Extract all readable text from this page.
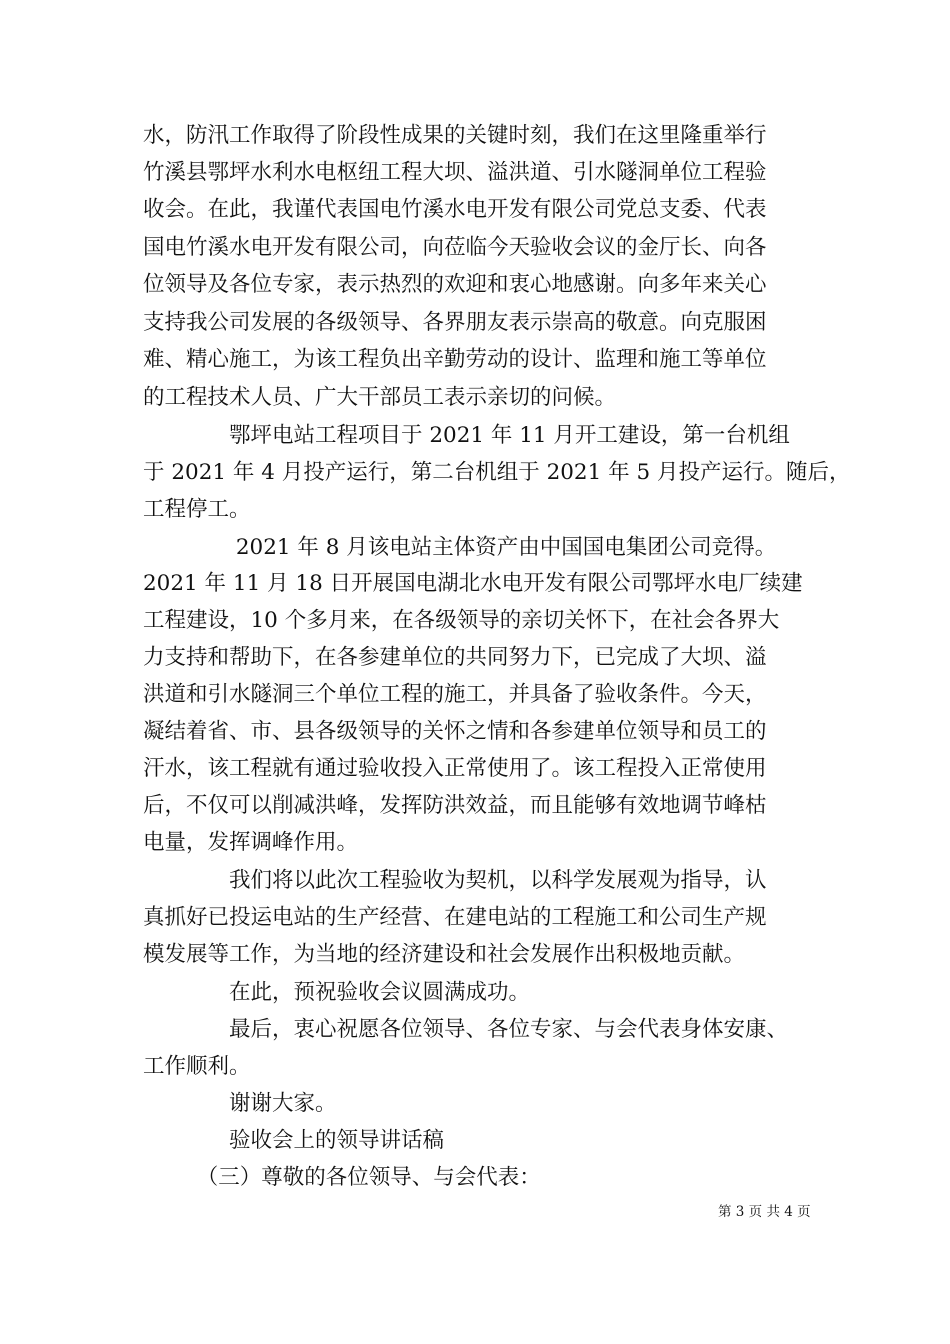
水，防汛工作取得了阶段性成果的关键时刻，我们在这里隆重举行
竹溪县鄂坪水利水电枢纽工程大坝、溢洪道、引水隧洞单位工程验
收会。在此，我谨代表国电竹溪水电开发有限公司党总支委、代表
国电竹溪水电开发有限公司，向莅临今天验收会议的金厅长、向各
位领导及各位专家，表示热烈的欢迎和衷心地感谢。向多年来关心
支持我公司发展的各级领导、各界朋友表示崇高的敬意。向克服困
难、精心施工，为该工程负出辛勤劳动的设计、监理和施工等单位
的工程技术人员、广大干部员工表示亲切的问候。
　　　　鄂坪电站工程项目于 2021 年 11 月开工建设，第一台机组
于 2021 年 4 月投产运行，第二台机组于 2021 年 5 月投产运行。随后，
工程停工。
　　　　 2021 年 8 月该电站主体资产由中国国电集团公司竞得。
2021 年 11 月 18 日开展国电湖北水电开发有限公司鄂坪水电厂续建
工程建设，10 个多月来，在各级领导的亲切关怀下，在社会各界大
力支持和帮助下，在各参建单位的共同努力下，已完成了大坝、溢
洪道和引水隧洞三个单位工程的施工，并具备了验收条件。今天，
凝结着省、市、县各级领导的关怀之情和各参建单位领导和员工的
汗水，该工程就有通过验收投入正常使用了。该工程投入正常使用
后，不仅可以削减洪峰，发挥防洪效益，而且能够有效地调节峰枯
电量，发挥调峰作用。
　　　　我们将以此次工程验收为契机，以科学发展观为指导，认
真抓好已投运电站的生产经营、在建电站的工程施工和公司生产规
模发展等工作，为当地的经济建设和社会发展作出积极地贡献。
　　　　在此，预祝验收会议圆满成功。
　　　　最后，衷心祝愿各位领导、各位专家、与会代表身体安康、
工作顺利。
　　　　谢谢大家。
　　　　验收会上的领导讲话稿
　　　（三）尊敬的各位领导、与会代表：
第 3 页 共 4 页
